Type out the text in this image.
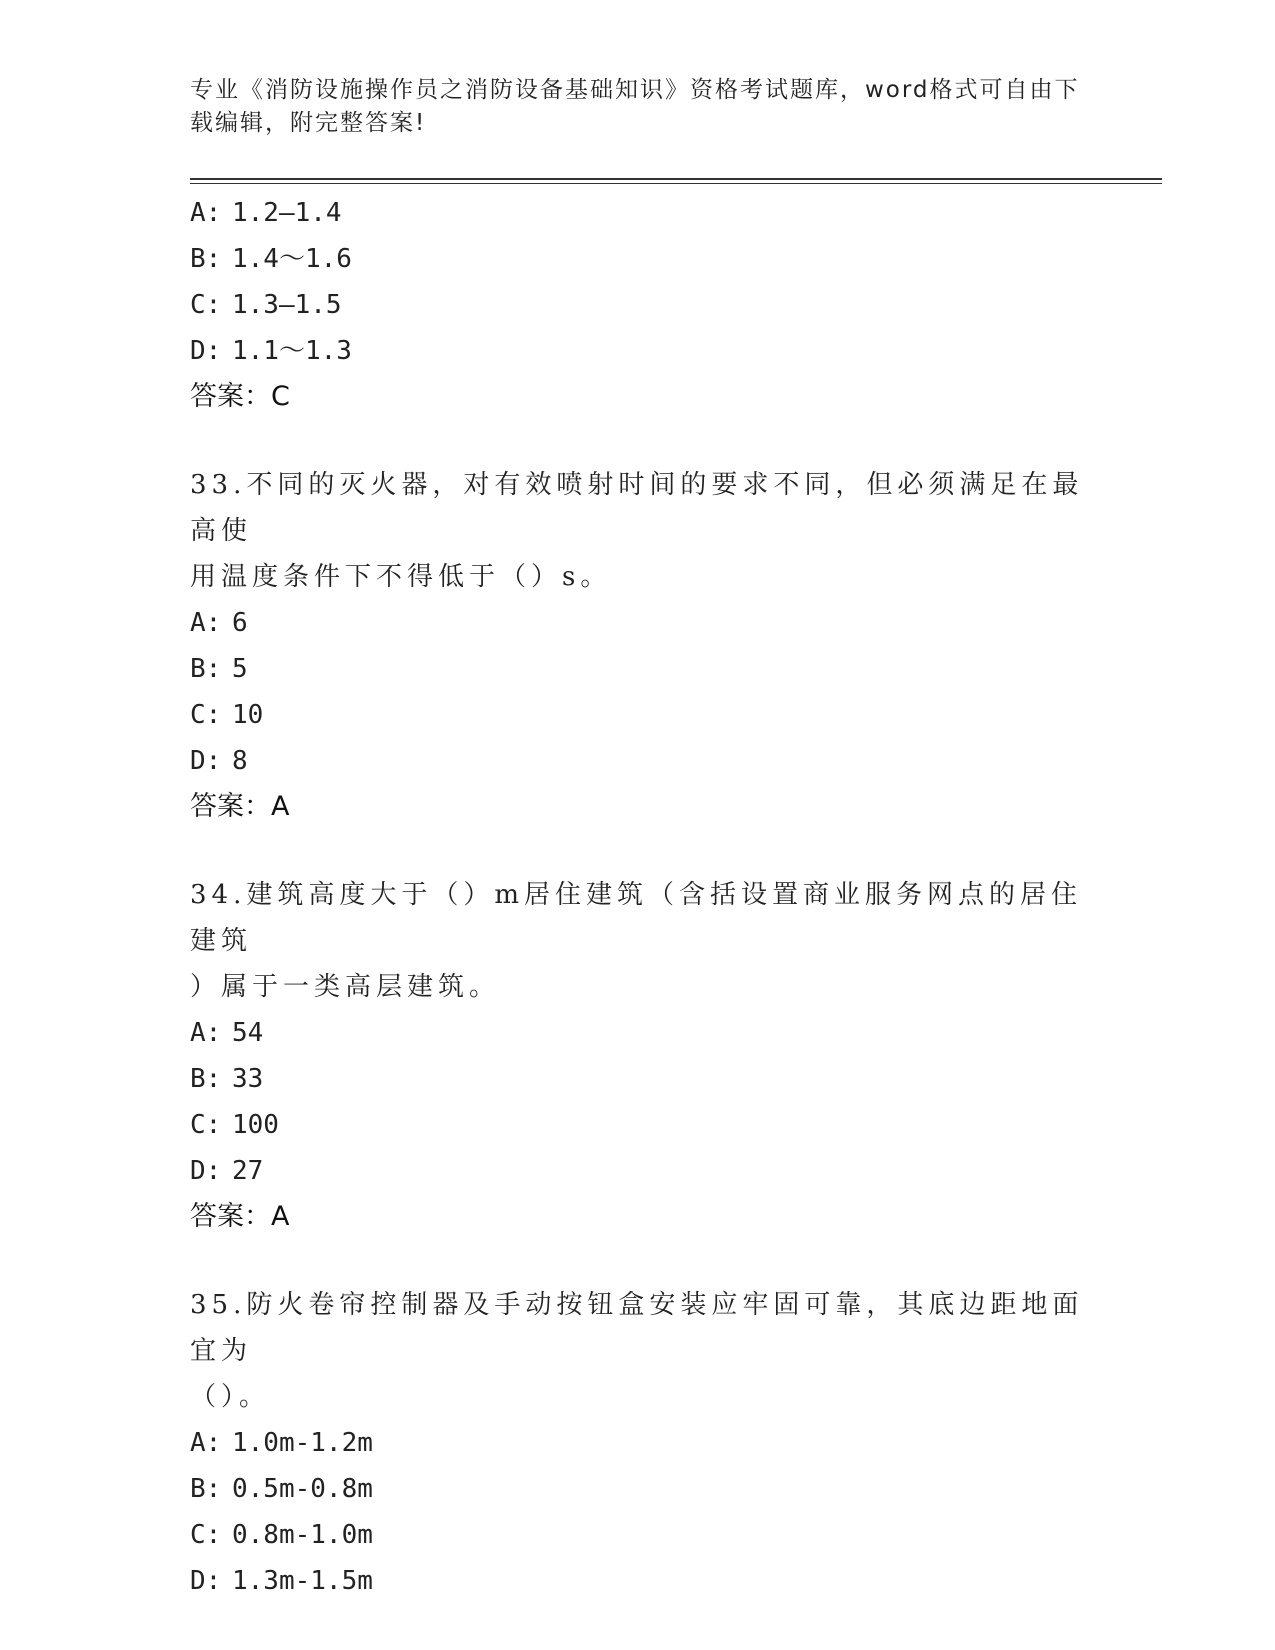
专业《消防设施操作员之消防设备基础知识》资格考试题库，word格式可自由下
载编辑，附完整答案!
A: 1.2—1.4
B: 1.4～1.6
C: 1.3—1.5
D: 1.1～1.3
答案：C
33.不同的灭火器，对有效喷射时间的要求不同，但必须满足在最高使
用温度条件下不得低于（）s。
A: 6
B: 5
C: 10
D: 8
答案：A
34.建筑高度大于（）m居住建筑（含括设置商业服务网点的居住建筑
）属于一类高层建筑。
A: 54
B: 33
C: 100
D: 27
答案：A
35.防火卷帘控制器及手动按钮盒安装应牢固可靠，其底边距地面宜为
（）。
A: 1.0m-1.2m
B: 0.5m-0.8m
C: 0.8m-1.0m
D: 1.3m-1.5m
